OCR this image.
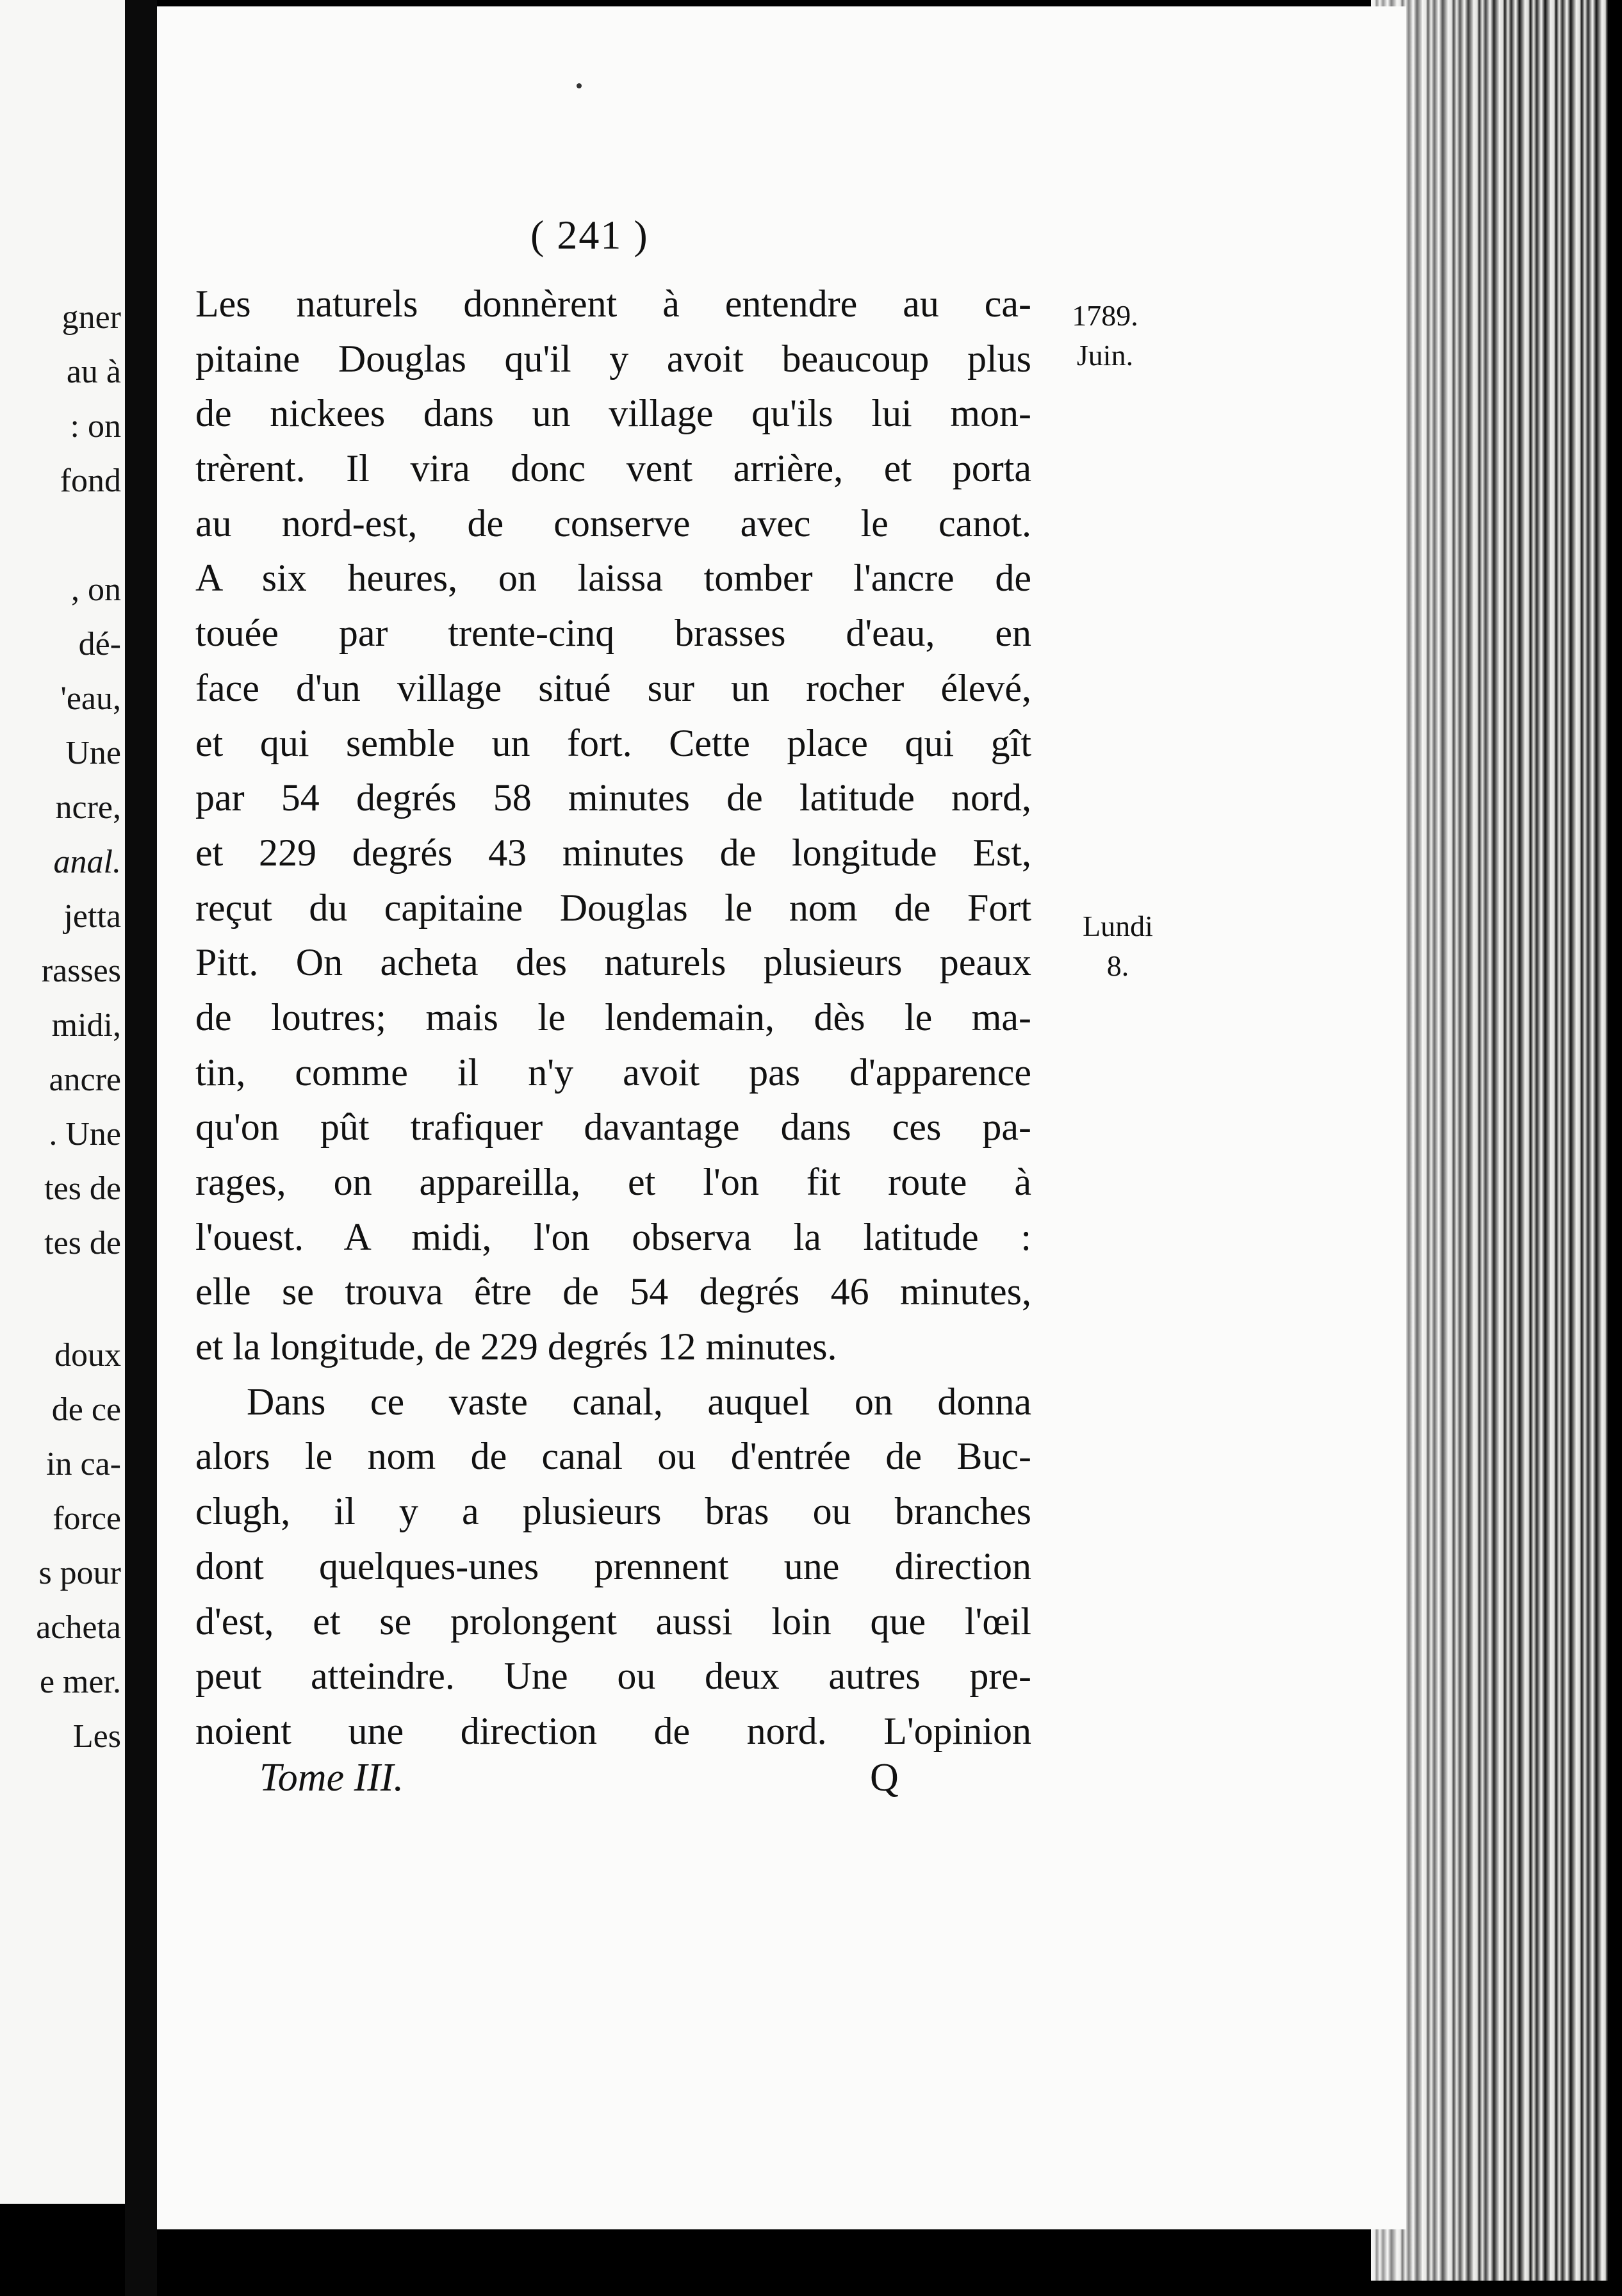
gner
au à
: on
fond
, on
dé-
'eau,
Une
ncre,
anal.
jetta
rasses
midi,
ancre
. Une
tes de
tes de
doux
de ce
in ca-
force
s pour
acheta
e mer.
Les
( 241 )
1789.
Juin.
Lundi
8.
Les naturels donnèrent à entendre au ca-
pitaine Douglas qu'il y avoit beaucoup plus
de nickees dans un village qu'ils lui mon-
trèrent. Il vira donc vent arrière, et porta
au nord-est, de conserve avec le canot.
A six heures, on laissa tomber l'ancre de
touée par trente-cinq brasses d'eau, en
face d'un village situé sur un rocher élevé,
et qui semble un fort. Cette place qui gît
par 54 degrés 58 minutes de latitude nord,
et 229 degrés 43 minutes de longitude Est,
reçut du capitaine Douglas le nom de Fort
Pitt. On acheta des naturels plusieurs peaux
de loutres; mais le lendemain, dès le ma-
tin, comme il n'y avoit pas d'apparence
qu'on pût trafiquer davantage dans ces pa-
rages, on appareilla, et l'on fit route à
l'ouest. A midi, l'on observa la latitude :
elle se trouva être de 54 degrés 46 minutes,
et la longitude, de 229 degrés 12 minutes.
Dans ce vaste canal, auquel on donna
alors le nom de canal ou d'entrée de Buc-
clugh, il y a plusieurs bras ou branches
dont quelques-unes prennent une direction
d'est, et se prolongent aussi loin que l'œil
peut atteindre. Une ou deux autres pre-
noient une direction de nord. L'opinion
Tome III.	Q
